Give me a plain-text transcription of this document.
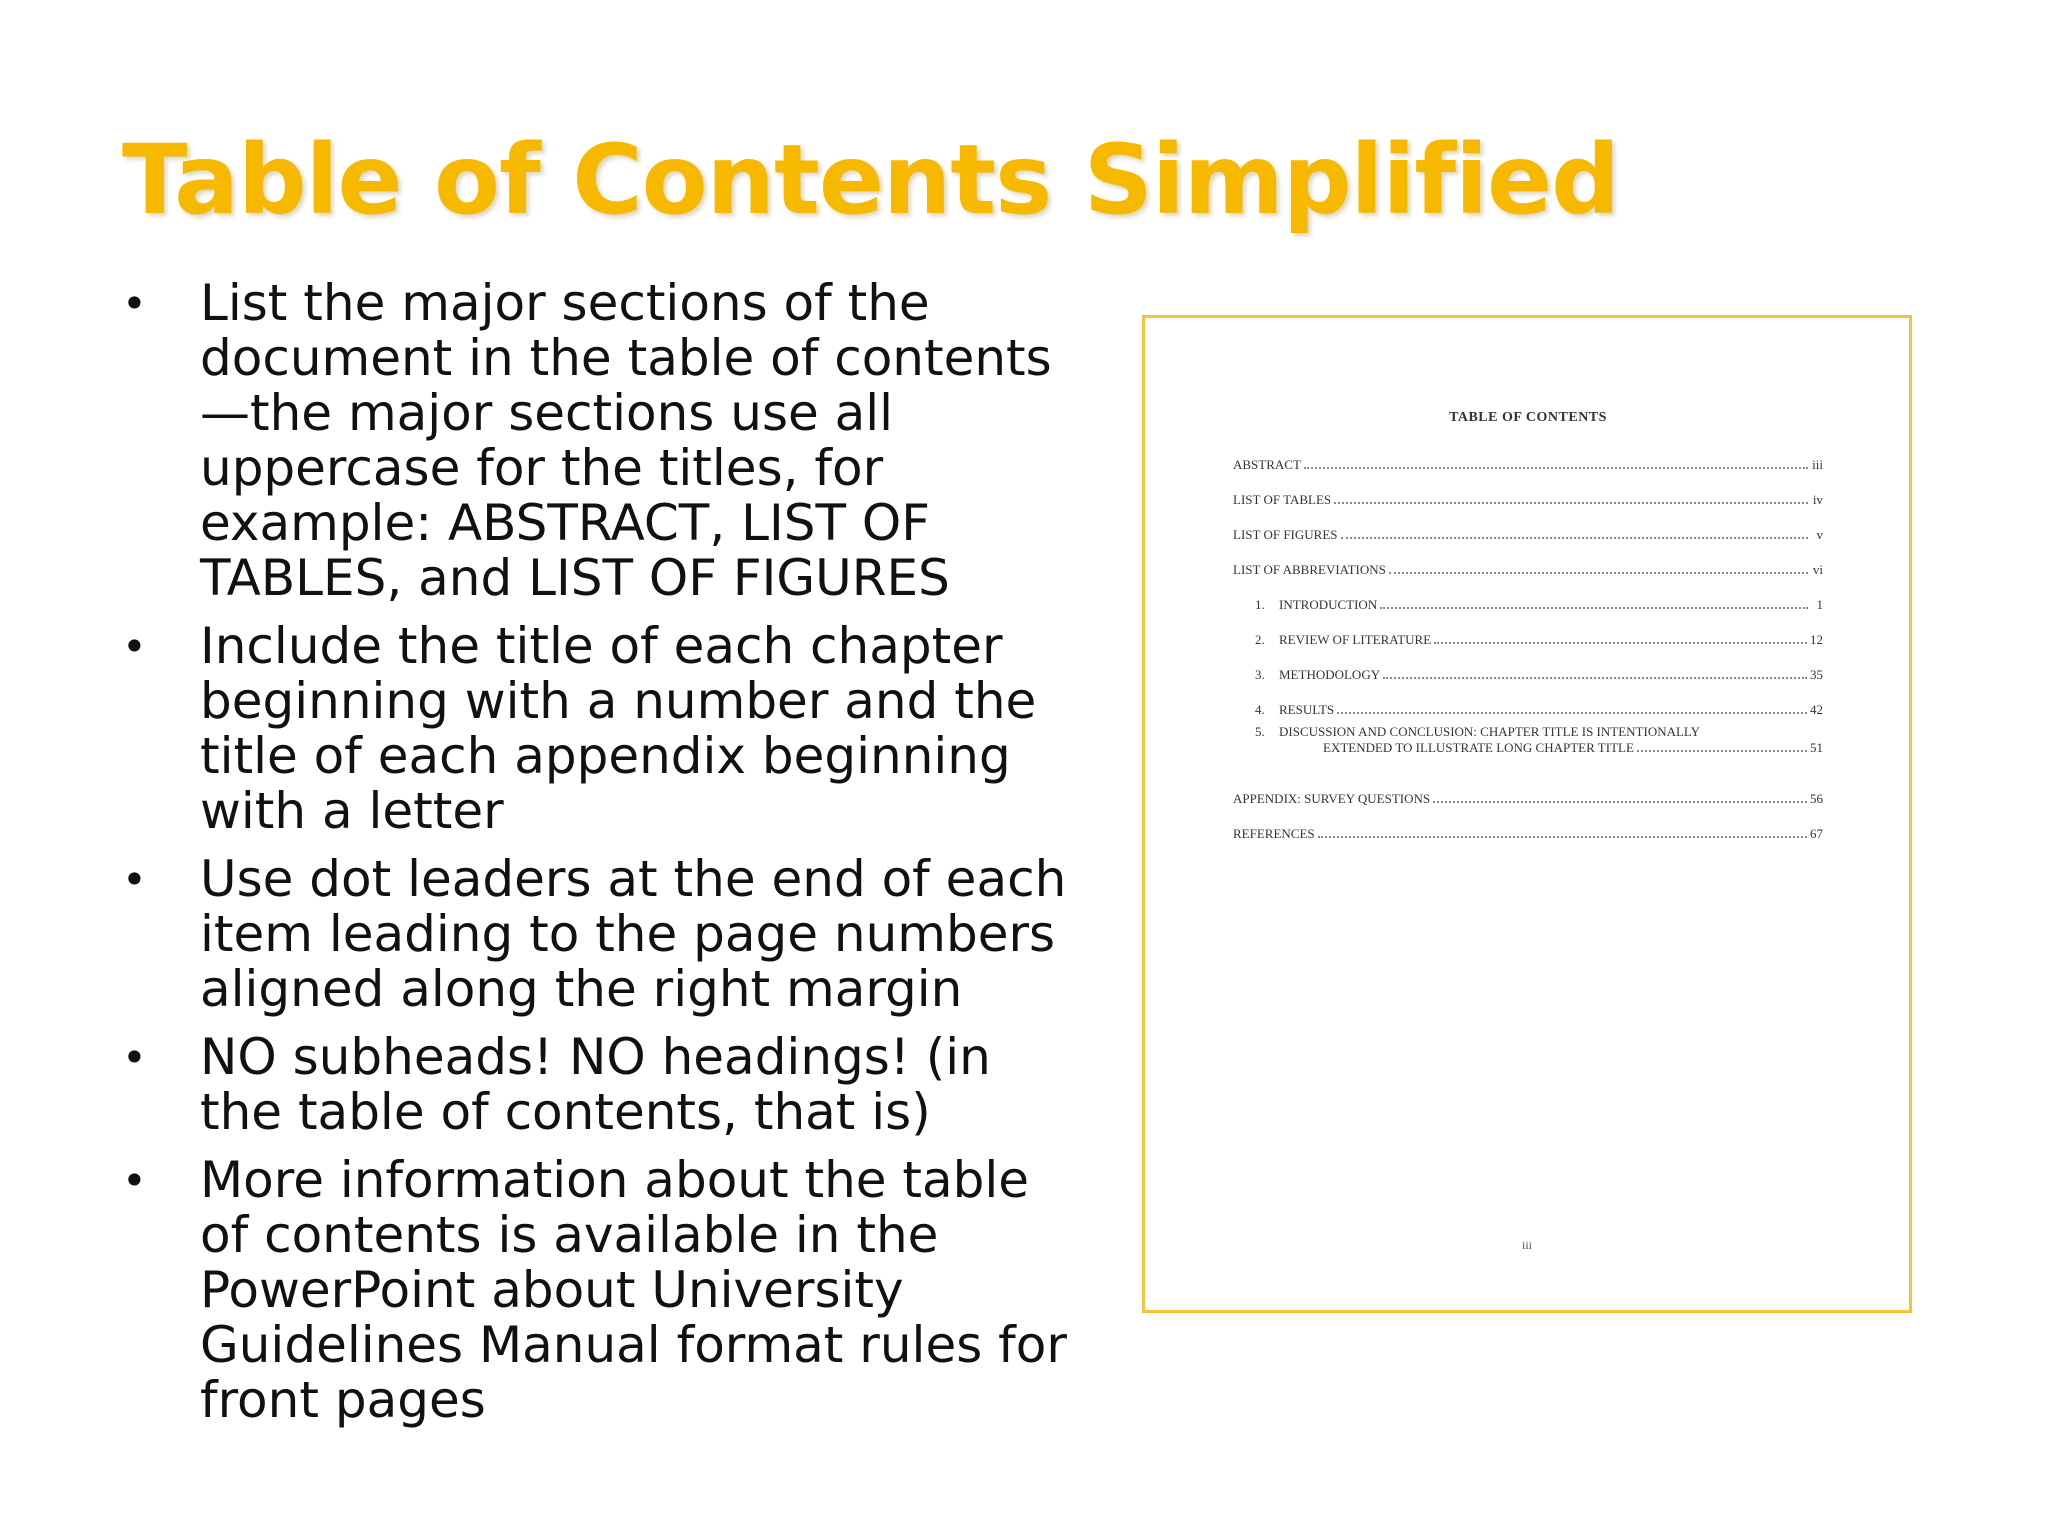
Table of Contents Simplified
• List the major sections of the document in the table of contents—the major sections use all uppercase for the titles, for example: ABSTRACT, LIST OF TABLES, and LIST OF FIGURES
• Include the title of each chapter beginning with a number and the title of each appendix beginning with a letter
• Use dot leaders at the end of each item leading to the page numbers aligned along the right margin
• NO subheads! NO headings! (in the table of contents, that is)
• More information about the table of contents is available in the PowerPoint about University Guidelines Manual format rules for front pages
TABLE OF CONTENTS
ABSTRACT	iii
LIST OF TABLES	iv
LIST OF FIGURES	v
LIST OF ABBREVIATIONS	vi
1.	INTRODUCTION	1
2.	REVIEW OF LITERATURE	12
3.	METHODOLOGY	35
4.	RESULTS	42
5.	DISCUSSION AND CONCLUSION: CHAPTER TITLE IS INTENTIONALLY
EXTENDED TO ILLUSTRATE LONG CHAPTER TITLE	51
APPENDIX: SURVEY QUESTIONS	56
REFERENCES	67
iii
